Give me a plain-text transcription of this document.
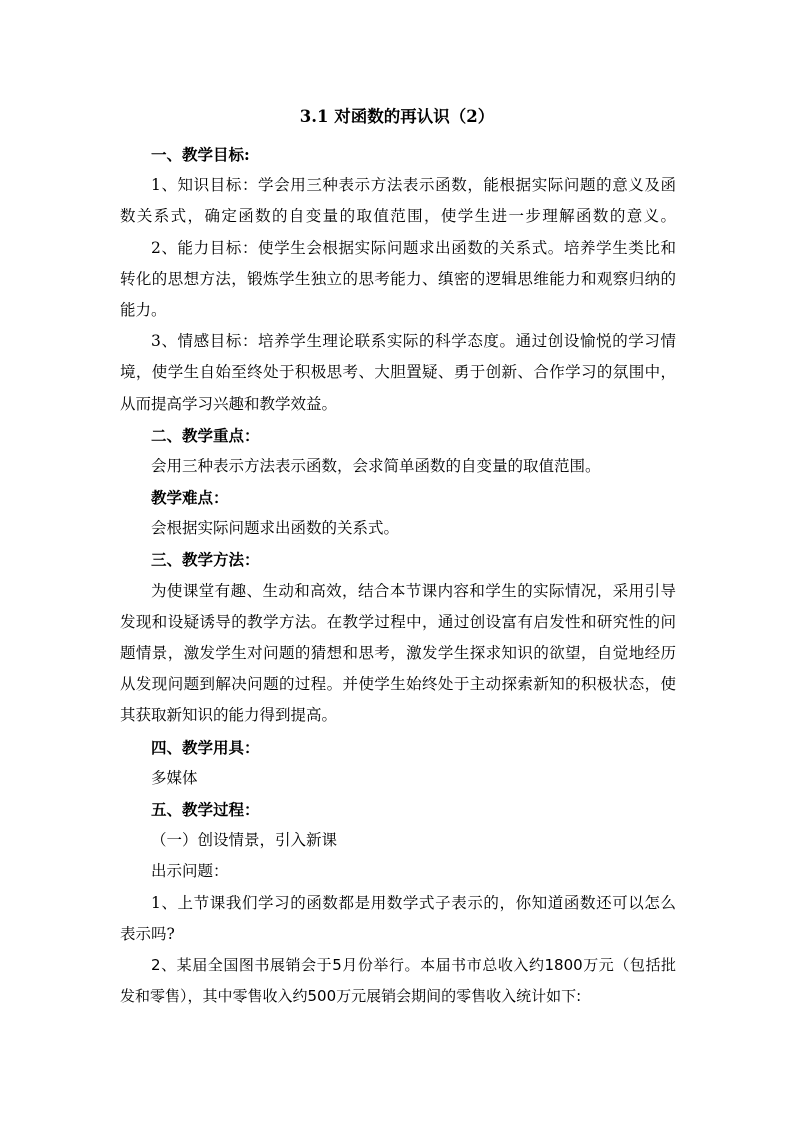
3.1 对函数的再认识（2）
一、教学目标:
1、知识目标：学会用三种表示方法表示函数，能根据实际问题的意义及函
数关系式，确定函数的自变量的取值范围，使学生进一步理解函数的意义。
2、能力目标：使学生会根据实际问题求出函数的关系式。培养学生类比和
转化的思想方法，锻炼学生独立的思考能力、缜密的逻辑思维能力和观察归纳的
能力。
3、情感目标：培养学生理论联系实际的科学态度。通过创设愉悦的学习情
境，使学生自始至终处于积极思考、大胆置疑、勇于创新、合作学习的氛围中，
从而提高学习兴趣和教学效益。
二、教学重点：
会用三种表示方法表示函数，会求简单函数的自变量的取值范围。
教学难点：
会根据实际问题求出函数的关系式。
三、教学方法：
为使课堂有趣、生动和高效，结合本节课内容和学生的实际情况，采用引导
发现和设疑诱导的教学方法。在教学过程中，通过创设富有启发性和研究性的问
题情景，激发学生对问题的猜想和思考，激发学生探求知识的欲望，自觉地经历
从发现问题到解决问题的过程。并使学生始终处于主动探索新知的积极状态，使
其获取新知识的能力得到提高。
四、教学用具：
多媒体
五、教学过程：
（一）创设情景，引入新课
出示问题：
1、上节课我们学习的函数都是用数学式子表示的，你知道函数还可以怎么
表示吗?
2、某届全国图书展销会于5月份举行。本届书市总收入约1800万元（包括批
发和零售），其中零售收入约500万元展销会期间的零售收入统计如下:
